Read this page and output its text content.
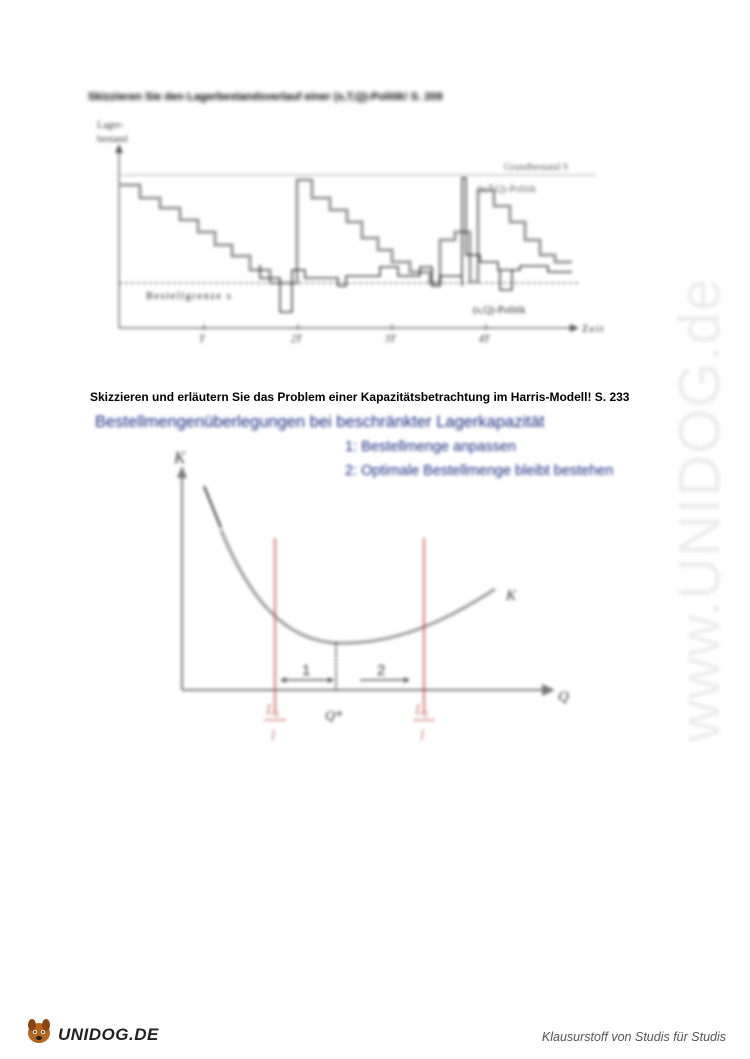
www.UNIDOG.de
Skizzieren Sie den Lagerbestandsverlauf einer (s,T,Q)-Politik! S. 209
Lager-
bestand
Grundbestand S
(s,T,Q)-Politik
Bestellgrenze s
(s,Q)-Politik
Zeit
T	2T	3T	4T
Skizzieren und erläutern Sie das Problem einer Kapazitätsbetrachtung im Harris-Modell! S. 233
Bestellmengenüberlegungen bei beschränkter Lagerkapazität
1: Bestellmenge anpassen
2: Optimale Bestellmenge bleibt bestehen
K
K
Q
1	2
Q*
L₂
l
L₁
l
UNIDOG.DE	Klausurstoff von Studis für Studis
